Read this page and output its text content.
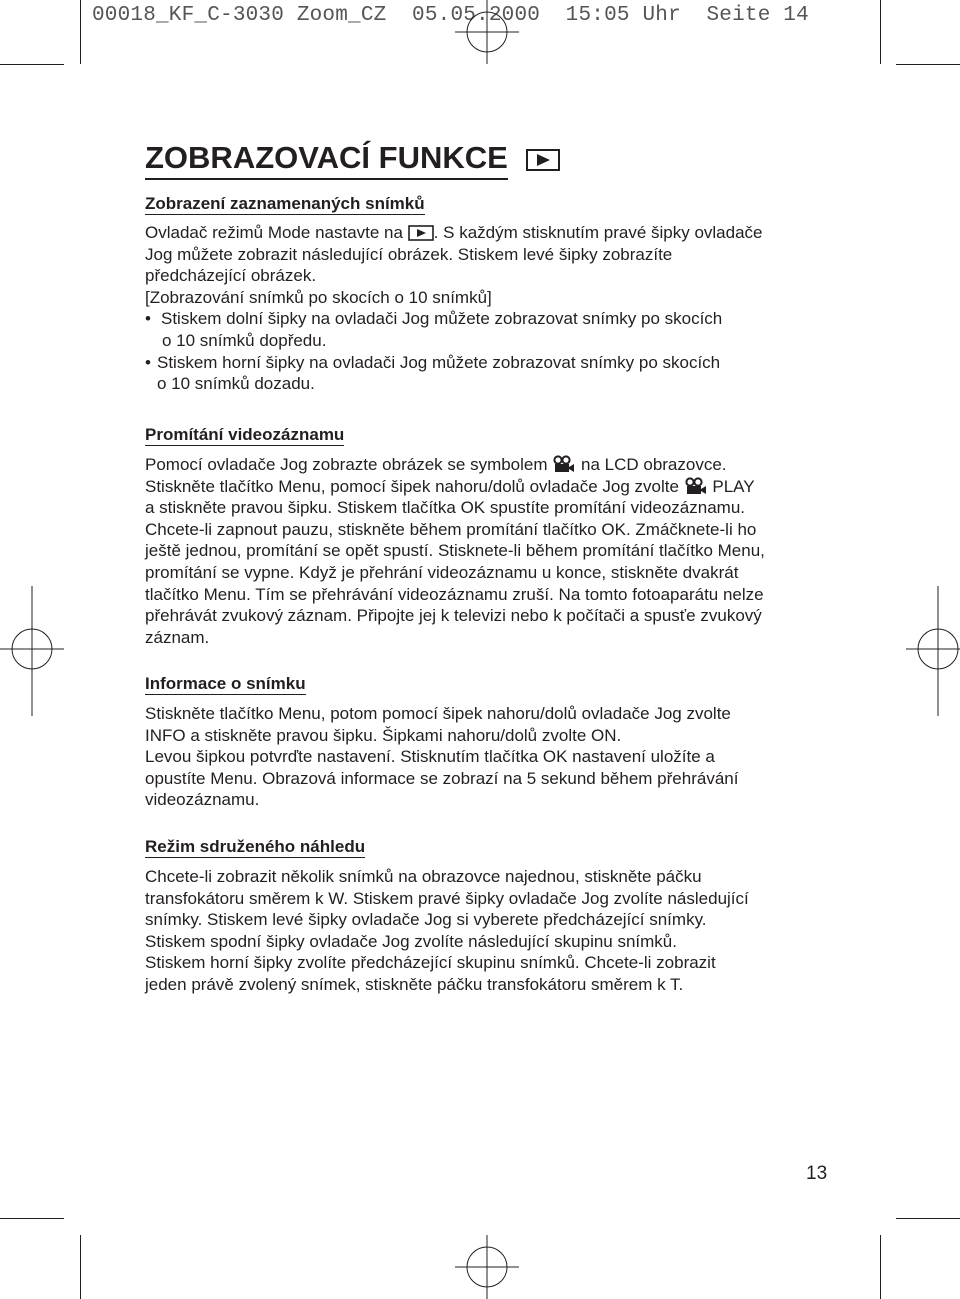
00018_KF_C-3030 Zoom_CZ  05.05.2000  15:05 Uhr  Seite 14
ZOBRAZOVACÍ FUNKCE
Zobrazení zaznamenaných snímků

Ovladač režimů Mode nastavte na . S každým stisknutím pravé šipky ovladače
Jog můžete zobrazit následující obrázek. Stiskem levé šipky zobrazíte
předcházející obrázek.
[Zobrazování snímků po skocích o 10 snímků]

• Stiskem dolní šipky na ovladači Jog můžete zobrazovat snímky po skocích
o 10 snímků dopředu.
• Stiskem horní šipky na ovladači Jog můžete zobrazovat snímky po skocích
o 10 snímků dozadu.
Promítání videozáznamu

Pomocí ovladače Jog zobrazte obrázek se symbolem na LCD obrazovce.
Stiskněte tlačítko Menu, pomocí šipek nahoru/dolů ovladače Jog zvolte PLAY
a stiskněte pravou šipku. Stiskem tlačítka OK spustíte promítání videozáznamu.
Chcete-li zapnout pauzu, stiskněte během promítání tlačítko OK. Zmáčknete-li ho
ještě jednou, promítání se opět spustí. Stisknete-li během promítání tlačítko Menu,
promítání se vypne. Když je přehrání videozáznamu u konce, stiskněte dvakrát
tlačítko Menu. Tím se přehrávání videozáznamu zruší. Na tomto fotoaparátu nelze
přehrávát zvukový záznam. Připojte jej k televizi nebo k počítači a spusťe zvukový
záznam.

Informace o snímku

Stiskněte tlačítko Menu, potom pomocí šipek nahoru/dolů ovladače Jog zvolte
INFO a stiskněte pravou šipku. Šipkami nahoru/dolů zvolte ON.
Levou šipkou potvrďte nastavení. Stisknutím tlačítka OK nastavení uložíte a
opustíte Menu. Obrazová informace se zobrazí na 5 sekund během přehrávání
videozáznamu.

Režim sdruženého náhledu

Chcete-li zobrazit několik snímků na obrazovce najednou, stiskněte páčku
transfokátoru směrem k W. Stiskem pravé šipky ovladače Jog zvolíte následující
snímky. Stiskem levé šipky ovladače Jog si vyberete předcházející snímky.
Stiskem spodní šipky ovladače Jog zvolíte následující skupinu snímků.
Stiskem horní šipky zvolíte předcházející skupinu snímků. Chcete-li zobrazit
jeden právě zvolený snímek, stiskněte páčku transfokátoru směrem k T.

13
